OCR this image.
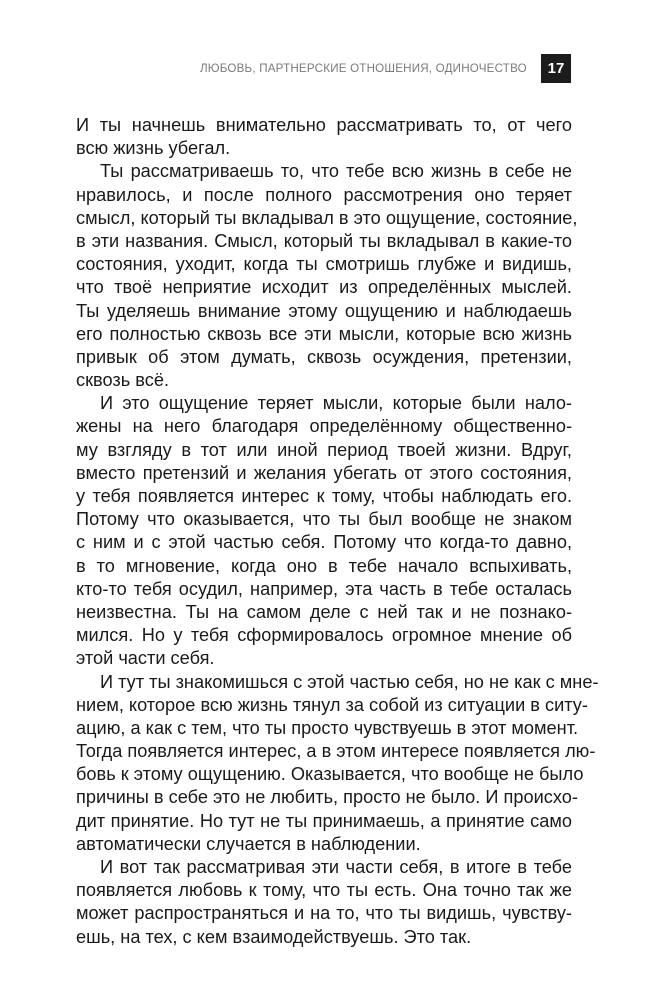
ЛЮБОВЬ, ПАРТНЕРСКИЕ ОТНОШЕНИЯ, ОДИНОЧЕСТВО	17
И ты начнешь внимательно рассматривать то, от чего
всю жизнь убегал.
Ты рассматриваешь то, что тебе всю жизнь в себе не
нравилось, и после полного рассмотрения оно теряет
смысл, который ты вкладывал в это ощущение, состояние,
в эти названия. Смысл, который ты вкладывал в какие-то
состояния, уходит, когда ты смотришь глубже и видишь,
что твоё неприятие исходит из определённых мыслей.
Ты уделяешь внимание этому ощущению и наблюдаешь
его полностью сквозь все эти мысли, которые всю жизнь
привык об этом думать, сквозь осуждения, претензии,
сквозь всё.
И это ощущение теряет мысли, которые были нало-
жены на него благодаря определённому общественно-
му взгляду в тот или иной период твоей жизни. Вдруг,
вместо претензий и желания убегать от этого состояния,
у тебя появляется интерес к тому, чтобы наблюдать его.
Потому что оказывается, что ты был вообще не знаком
с ним и с этой частью себя. Потому что когда-то давно,
в то мгновение, когда оно в тебе начало вспыхивать,
кто-то тебя осудил, например, эта часть в тебе осталась
неизвестна. Ты на самом деле с ней так и не познако-
мился. Но у тебя сформировалось огромное мнение об
этой части себя.
И тут ты знакомишься с этой частью себя, но не как с мне-
нием, которое всю жизнь тянул за собой из ситуации в ситу-
ацию, а как с тем, что ты просто чувствуешь в этот момент.
Тогда появляется интерес, а в этом интересе появляется лю-
бовь к этому ощущению. Оказывается, что вообще не было
причины в себе это не любить, просто не было. И происхо-
дит принятие. Но тут не ты принимаешь, а принятие само
автоматически случается в наблюдении.
И вот так рассматривая эти части себя, в итоге в тебе
появляется любовь к тому, что ты есть. Она точно так же
может распространяться и на то, что ты видишь, чувству-
ешь, на тех, с кем взаимодействуешь. Это так.
